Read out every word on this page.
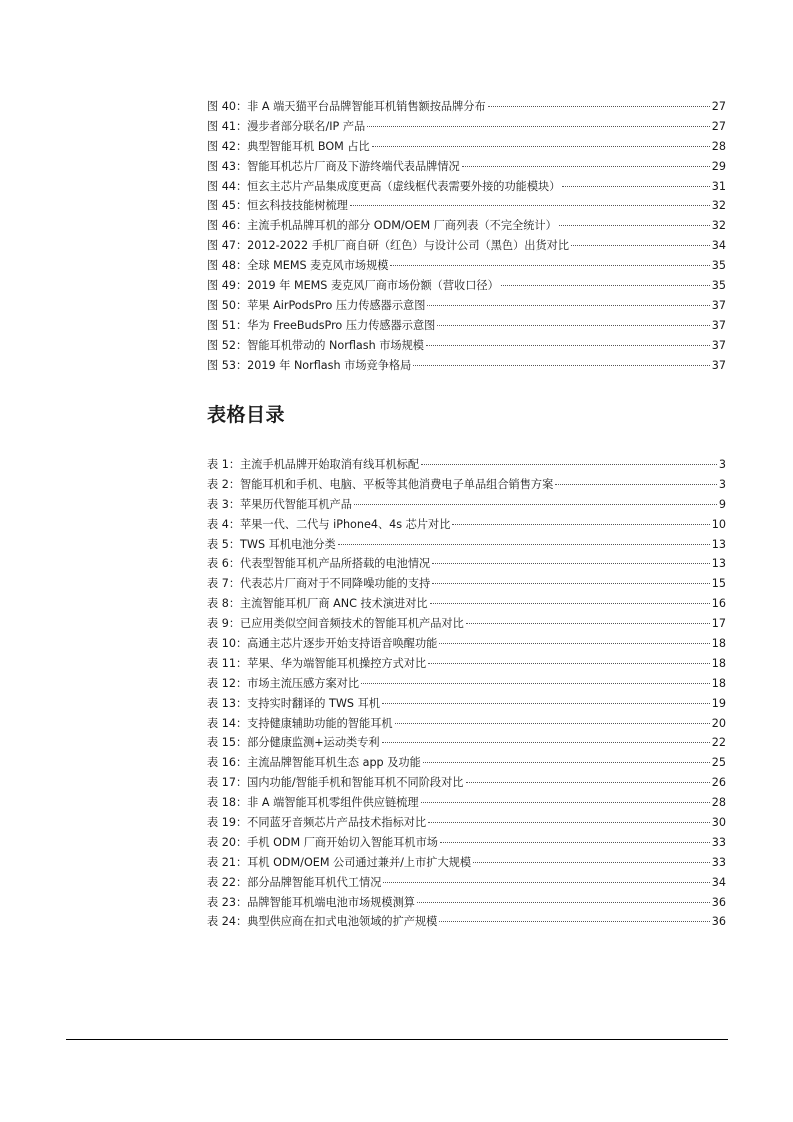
图 40：非 A 端天猫平台品牌智能耳机销售额按品牌分布	27
图 41：漫步者部分联名/IP 产品	27
图 42：典型智能耳机 BOM 占比	28
图 43：智能耳机芯片厂商及下游终端代表品牌情况	29
图 44：恒玄主芯片产品集成度更高（虚线框代表需要外接的功能模块）	31
图 45：恒玄科技技能树梳理	32
图 46：主流手机品牌耳机的部分 ODM/OEM 厂商列表（不完全统计）	32
图 47：2012-2022 手机厂商自研（红色）与设计公司（黑色）出货对比	34
图 48：全球 MEMS 麦克风市场规模	35
图 49：2019 年 MEMS 麦克风厂商市场份额（营收口径）	35
图 50：苹果 AirPodsPro 压力传感器示意图	37
图 51：华为 FreeBudsPro 压力传感器示意图	37
图 52：智能耳机带动的 Norflash 市场规模	37
图 53：2019 年 Norflash 市场竞争格局	37
表格目录
表 1：主流手机品牌开始取消有线耳机标配	3
表 2：智能耳机和手机、电脑、平板等其他消费电子单品组合销售方案	3
表 3：苹果历代智能耳机产品	9
表 4：苹果一代、二代与 iPhone4、4s 芯片对比	10
表 5：TWS 耳机电池分类	13
表 6：代表型智能耳机产品所搭载的电池情况	13
表 7：代表芯片厂商对于不同降噪功能的支持	15
表 8：主流智能耳机厂商 ANC 技术演进对比	16
表 9：已应用类似空间音频技术的智能耳机产品对比	17
表 10：高通主芯片逐步开始支持语音唤醒功能	18
表 11：苹果、华为端智能耳机操控方式对比	18
表 12：市场主流压感方案对比	18
表 13：支持实时翻译的 TWS 耳机	19
表 14：支持健康辅助功能的智能耳机	20
表 15：部分健康监测+运动类专利	22
表 16：主流品牌智能耳机生态 app 及功能	25
表 17：国内功能/智能手机和智能耳机不同阶段对比	26
表 18：非 A 端智能耳机零组件供应链梳理	28
表 19：不同蓝牙音频芯片产品技术指标对比	30
表 20：手机 ODM 厂商开始切入智能耳机市场	33
表 21：耳机 ODM/OEM 公司通过兼并/上市扩大规模	33
表 22：部分品牌智能耳机代工情况	34
表 23：品牌智能耳机端电池市场规模测算	36
表 24：典型供应商在扣式电池领域的扩产规模	36
